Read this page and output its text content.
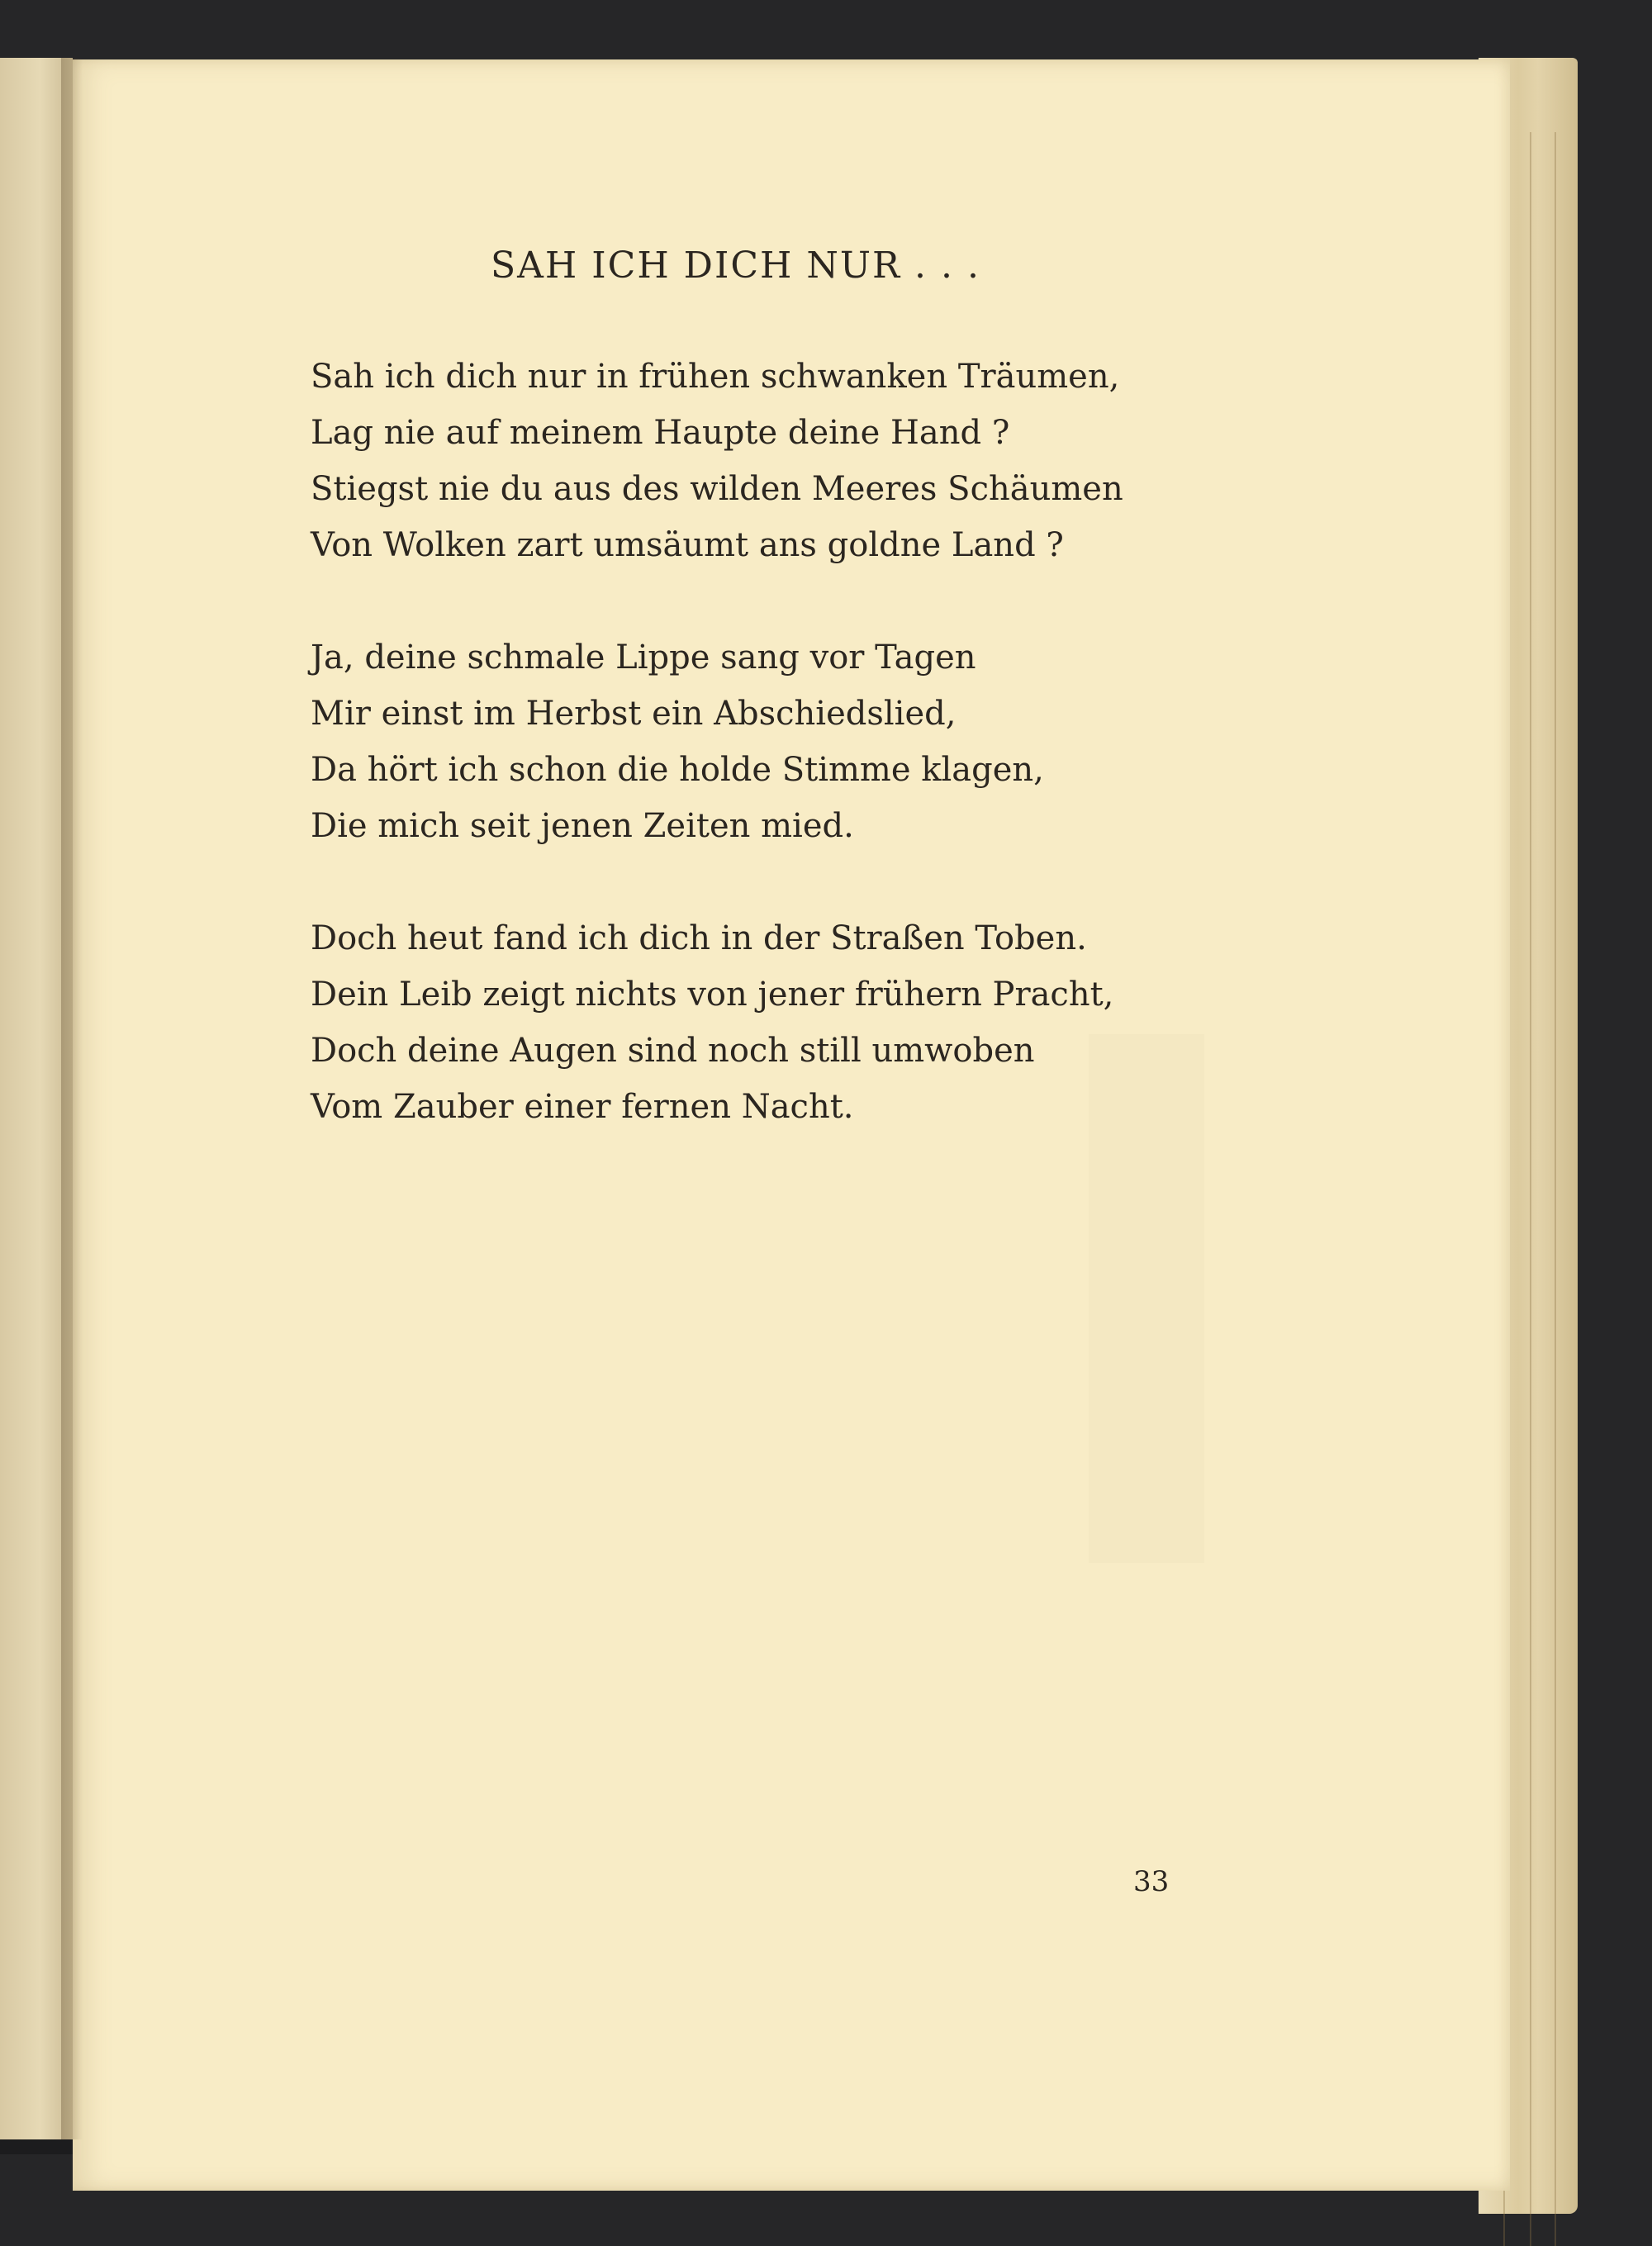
SAH ICH DICH NUR . . .
Sah ich dich nur in frühen schwanken Träumen,
Lag nie auf meinem Haupte deine Hand ?
Stiegst nie du aus des wilden Meeres Schäumen
Von Wolken zart umsäumt ans goldne Land ?
Ja, deine schmale Lippe sang vor Tagen
Mir einst im Herbst ein Abschiedslied,
Da hört ich schon die holde Stimme klagen,
Die mich seit jenen Zeiten mied.
Doch heut fand ich dich in der Straßen Toben.
Dein Leib zeigt nichts von jener frühern Pracht,
Doch deine Augen sind noch still umwoben
Vom Zauber einer fernen Nacht.
33
